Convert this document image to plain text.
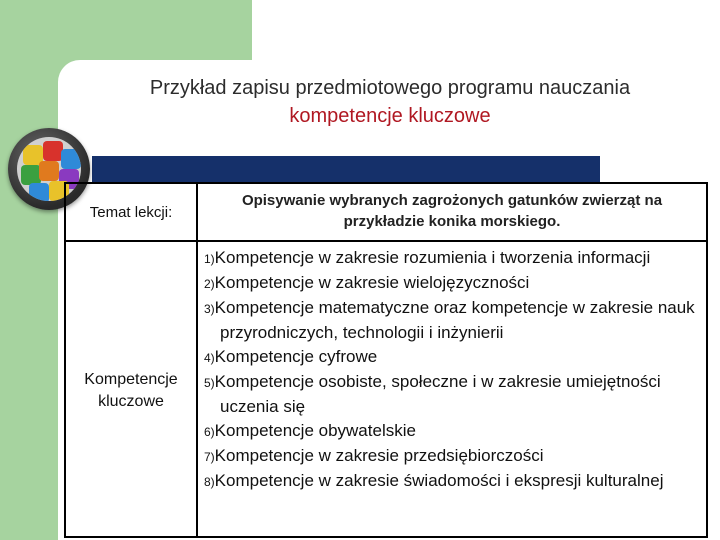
Przykład zapisu przedmiotowego programu nauczania
kompetencje kluczowe
Temat lekcji:
Opisywanie wybranych zagrożonych gatunków zwierząt na przykładzie konika morskiego.
Kompetencje kluczowe
1)Kompetencje w zakresie rozumienia i tworzenia informacji
2)Kompetencje w zakresie wielojęzyczności
3)Kompetencje matematyczne oraz kompetencje w zakresie nauk przyrodniczych, technologii i inżynierii
4)Kompetencje cyfrowe
5)Kompetencje osobiste, społeczne i w zakresie umiejętności uczenia się
6)Kompetencje obywatelskie
7)Kompetencje w zakresie przedsiębiorczości
8)Kompetencje w zakresie świadomości i ekspresji kulturalnej
